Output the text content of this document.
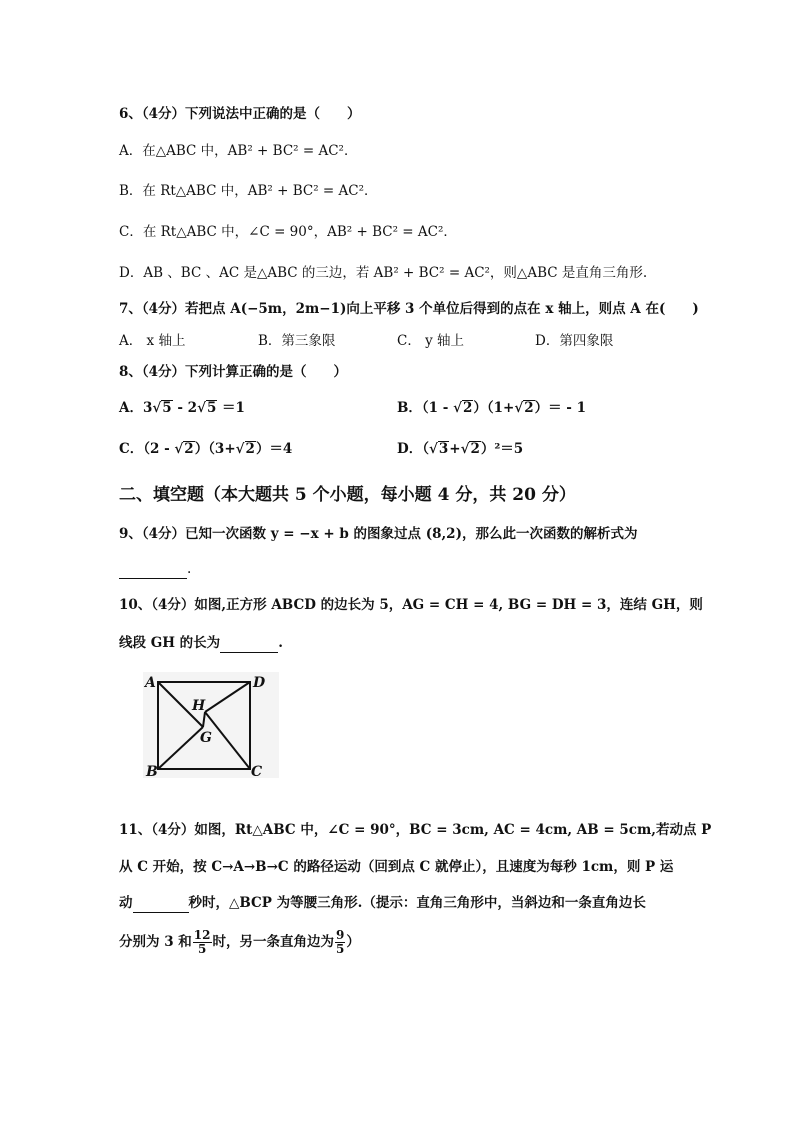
6、（4分）下列说法中正确的是（　　）
A．在△ABC 中，AB² + BC² = AC²．
B．在 Rt△ABC 中，AB² + BC² = AC²．
C．在 Rt△ABC 中，∠C = 90°，AB² + BC² = AC²．
D．AB 、BC 、AC 是△ABC 的三边，若 AB² + BC² = AC²，则△ABC 是直角三角形.
7、（4分）若把点 A(−5m，2m−1)向上平移 3 个单位后得到的点在 x 轴上，则点 A 在(　　)
A． x 轴上	B．第三象限	C． y 轴上	D．第四象限
8、（4分）下列计算正确的是（　　）
A．3√5 - 2√5 ＝1	B．（1 - √2）（1+√2）＝ - 1
C．（2 - √2）（3+√2）＝4	D．（√3+√2）²＝5
二、填空题（本大题共 5 个小题，每小题 4 分，共 20 分）
9、（4分）已知一次函数 y = −x + b 的图象过点 (8,2)，那么此一次函数的解析式为
.
10、（4分）如图,正方形 ABCD 的边长为 5，AG = CH = 4, BG = DH = 3，连结 GH，则
线段 GH 的长为	.
A	D
B	C
G
H
11、（4分）如图，Rt△ABC 中，∠C = 90°，BC = 3cm, AC = 4cm, AB = 5cm,若动点 P
从 C 开始，按 C→A→B→C 的路径运动（回到点 C 就停止），且速度为每秒 1cm，则 P 运
动	秒时，△BCP 为等腰三角形.（提示：直角三角形中，当斜边和一条直角边长
分别为 3 和 $\frac{12}{5}$ 时，另一条直角边为 $\frac{9}{5}$ ）
